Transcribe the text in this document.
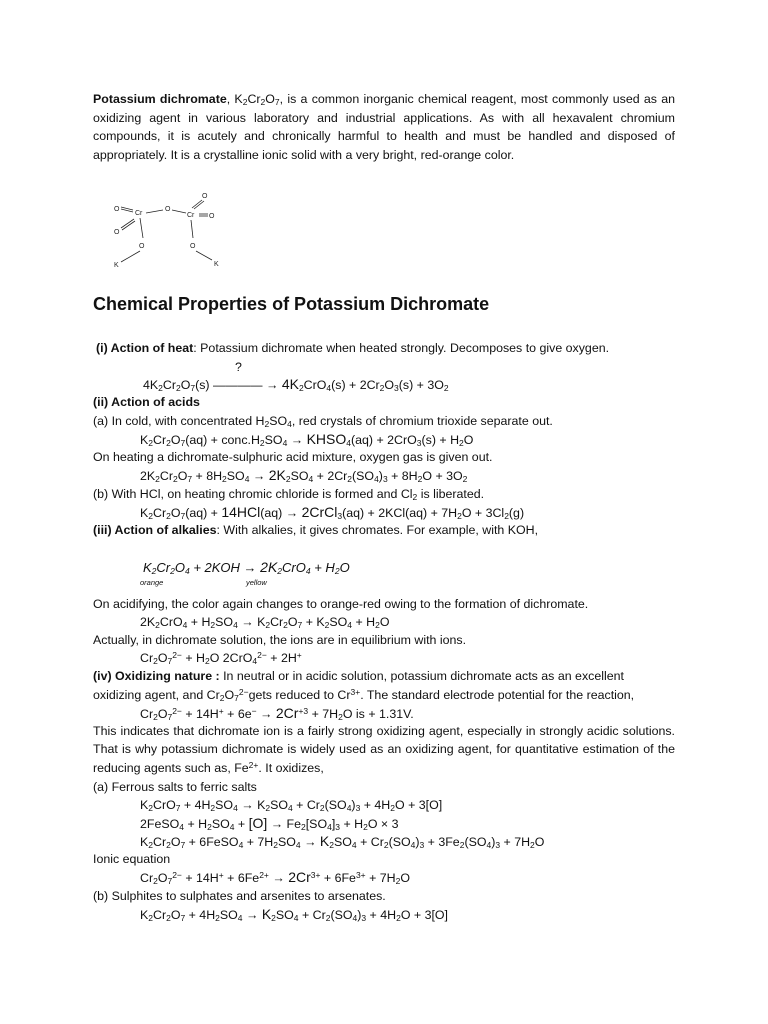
Potassium dichromate, $K_2Cr_2O_7$, is a common inorganic chemical reagent, most commonly used as an oxidizing agent in various laboratory and industrial applications. As with all hexavalent chromium compounds, it is acutely and chronically harmful to health and must be handled and disposed of appropriately. It is a crystalline ionic solid with a very bright, red-orange color.
O
Cr
O
O
Cr
O
O
O
K
O
K
Chemical Properties of Potassium Dichromate
(i) Action of heat: Potassium dichromate when heated strongly. Decomposes to give oxygen.
?
$4K_2Cr_2O_7(s)$ ———— → $4K_2CrO_4(s) + 2Cr_2O_3(s) + 3O_2$
(ii) Action of acids
(a) In cold, with concentrated $H_2SO_4$, red crystals of chromium trioxide separate out.
$K_2Cr_2O_7(aq)$ + $conc.H_2SO_4$ → $KHSO_4(aq) + 2CrO_3(s) + H_2O$
On heating a dichromate-sulphuric acid mixture, oxygen gas is given out.
$2K_2Cr_2O_7 + 8H_2SO_4 \to 2K_2SO_4 + 2Cr_2(SO_4)_3 + 8H_2O + 3O_2$
(b) With HCl, on heating chromic chloride is formed and $Cl_2$ is liberated.
$K_2Cr_2O_7(aq) + 14HCl(aq)$ → 2CrCl$_3$(aq) + $2KCl(aq) + 7H_2O + 3Cl_2(g)$
(iii) Action of alkalies: With alkalies, it gives chromates. For example, with KOH,
$K_2Cr_2O_4 + 2KOH \to 2K_2CrO_4 + H_2O$
orange	yellow
On acidifying, the color again changes to orange-red owing to the formation of dichromate.
$2K_2CrO_4 + H_2SO_4 \to K_2Cr_2O_7 + K_2SO_4 + H_2O$
Actually, in dichromate solution, the ions are in equilibrium with ions.
$Cr_2O_7^{2-} + H_2O$ 2CrO$_4^{2-}$ + 2H+
(iv) Oxidizing nature : In neutral or in acidic solution, potassium dichromate acts as an excellent
oxidizing agent, and $Cr_2O_7^{2-}gets$ reduced to $Cr^{3+}$. The standard electrode potential for the reaction,
$Cr_2O_7^{2-} + 14H^+ + 6e^- \to 2Cr^{+3} + 7H_2O$ is + 1.31V.
This indicates that dichromate ion is a fairly strong oxidizing agent, especially in strongly acidic solutions. That is why potassium dichromate is widely used as an oxidizing agent, for quantitative estimation of the reducing agents such as, $Fe^{2+}$. It oxidizes,
(a) Ferrous salts to ferric salts
$K_2CrO_7 + 4H_2SO_4 \to K_2SO_4 + Cr_2(SO_4)_3 + 4H_2O + 3[O]$
2FeSO$_4$ + $H_2SO_4 + [O] \to Fe_2[SO_4]_3 + H_2O \times 3$
$K_2Cr_2O_7$ + 6FeSO$_4$ + $7H_2SO_4 \to K_2SO_4 + Cr_2(SO_4)_3 + 3Fe_2(SO_4)_3 + 7H_2O$
Ionic equation
$Cr_2O_7^{2-} + 14H^+ + 6Fe^{2+} \to 2Cr^{3+} + 6Fe^{3+} + 7H_2O$
(b) Sulphites to sulphates and arsenites to arsenates.
$K_2Cr_2O_7 + 4H_2SO_4 \to K_2SO_4 + Cr_2(SO_4)_3 + 4H_2O + 3[O]$
